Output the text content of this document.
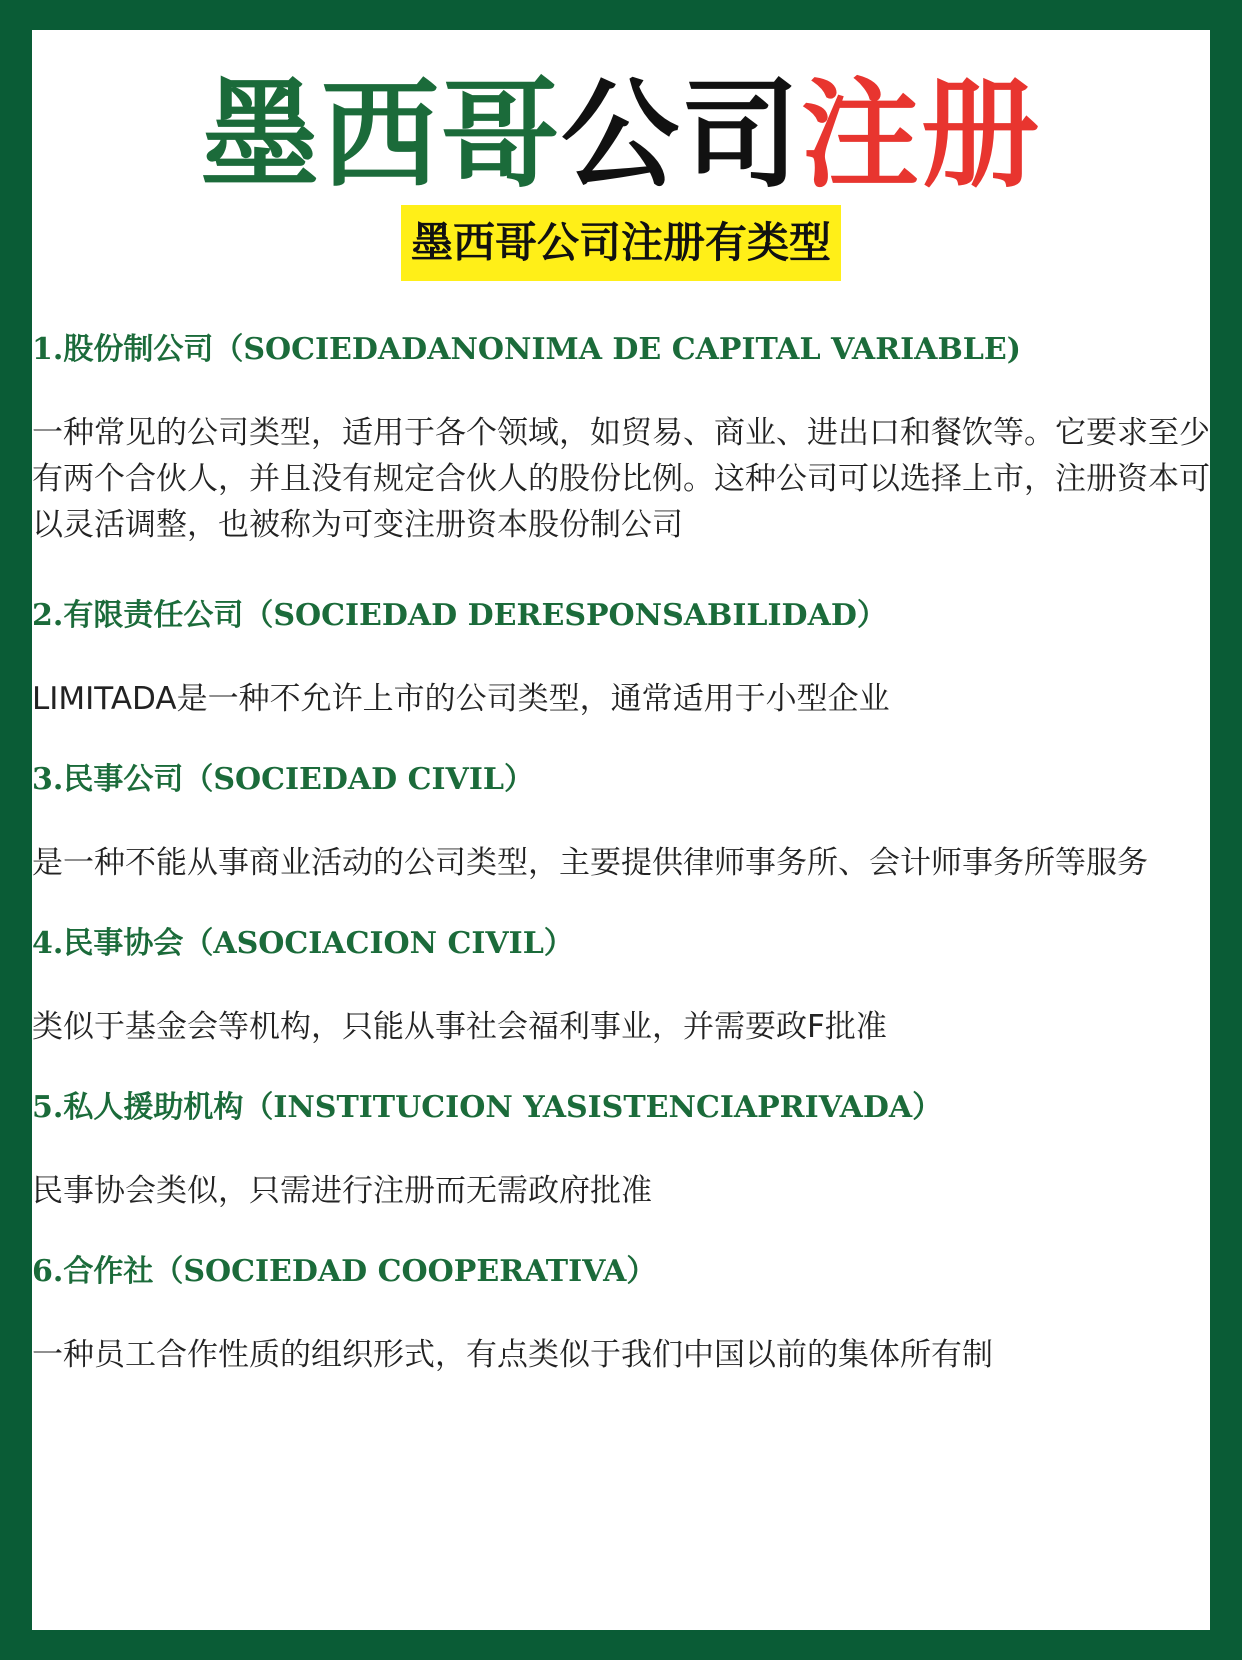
墨西哥公司注册
墨西哥公司注册有类型

1.股份制公司（SOCIEDADANONIMA DE CAPITAL VARIABLE)

一种常见的公司类型，适用于各个领域，如贸易、商业、进出口和餐饮等。它要求至少有两个合伙人，并且没有规定合伙人的股份比例。这种公司可以选择上市，注册资本可以灵活调整，也被称为可变注册资本股份制公司

2.有限责任公司（SOCIEDAD DERESPONSABILIDAD）

LIMITADA是一种不允许上市的公司类型，通常适用于小型企业

3.民事公司（SOCIEDAD CIVIL）

是一种不能从事商业活动的公司类型，主要提供律师事务所、会计师事务所等服务

4.民事协会（ASOCIACION CIVIL）

类似于基金会等机构，只能从事社会福利事业，并需要政F批准

5.私人援助机构（INSTITUCION YASISTENCIAPRIVADA）

民事协会类似，只需进行注册而无需政府批准

6.合作社（SOCIEDAD COOPERATIVA）

一种员工合作性质的组织形式，有点类似于我们中国以前的集体所有制
